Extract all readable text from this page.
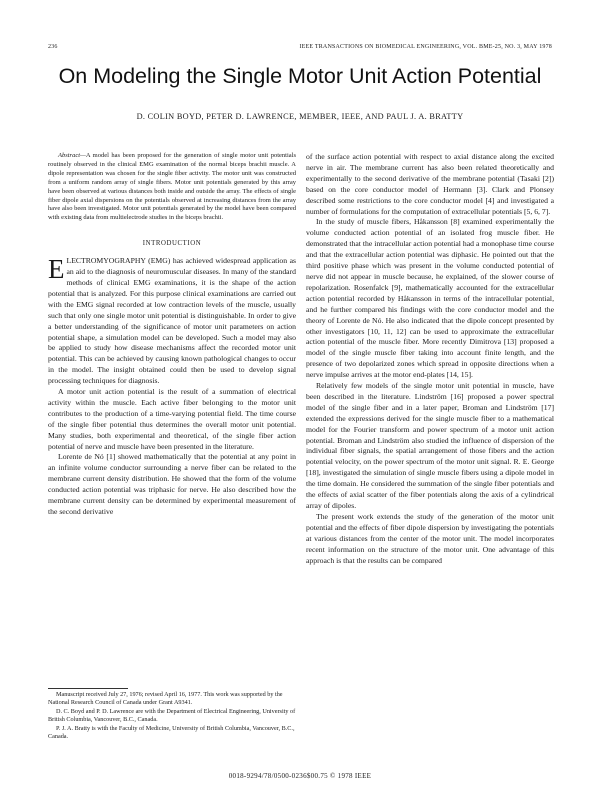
236	IEEE TRANSACTIONS ON BIOMEDICAL ENGINEERING, VOL. BME-25, NO. 3, MAY 1978
On Modeling the Single Motor Unit Action Potential
D. COLIN BOYD, PETER D. LAWRENCE, MEMBER, IEEE, AND PAUL J. A. BRATTY

Abstract—A model has been proposed for the generation of single motor unit potentials routinely observed in the clinical EMG examination of the normal biceps brachii muscle. A dipole representation was chosen for the single fiber activity. The motor unit was constructed from a uniform random array of single fibers. Motor unit potentials generated by this array have been observed at various distances both inside and outside the array. The effects of single fiber dipole axial dispersions on the potentials observed at increasing distances from the array have also been investigated. Motor unit potentials generated by the model have been compared with existing data from multielectrode studies in the biceps brachii.

INTRODUCTION

ELECTROMYOGRAPHY (EMG) has achieved widespread application as an aid to the diagnosis of neuromuscular diseases. In many of the standard methods of clinical EMG examinations, it is the shape of the action potential that is analyzed. For this purpose clinical examinations are carried out with the EMG signal recorded at low contraction levels of the muscle, usually such that only one single motor unit potential is distinguishable. In order to give a better understanding of the significance of motor unit parameters on action potential shape, a simulation model can be developed. Such a model may also be applied to study how disease mechanisms affect the recorded motor unit potential. This can be achieved by causing known pathological changes to occur in the model. The insight obtained could then be used to develop signal processing techniques for diagnosis.

A motor unit action potential is the result of a summation of electrical activity within the muscle. Each active fiber belonging to the motor unit contributes to the production of a time-varying potential field. The time course of the single fiber potential thus determines the overall motor unit potential. Many studies, both experimental and theoretical, of the single fiber action potential of nerve and muscle have been presented in the literature.

Lorente de Nó [1] showed mathematically that the potential at any point in an infinite volume conductor surrounding a nerve fiber can be related to the membrane current density distribution. He showed that the form of the volume conducted action potential was triphasic for nerve. He also described how the membrane current density can be determined by experimental measurement of the second derivative

Manuscript received July 27, 1976; revised April 16, 1977. This work was supported by the National Research Council of Canada under Grant A9341.

D. C. Boyd and P. D. Lawrence are with the Department of Electrical Engineering, University of British Columbia, Vancouver, B.C., Canada.

P. J. A. Bratty is with the Faculty of Medicine, University of British Columbia, Vancouver, B.C., Canada.

of the surface action potential with respect to axial distance along the excited nerve in air. The membrane current has also been related theoretically and experimentally to the second derivative of the membrane potential (Tasaki [2]) based on the core conductor model of Hermann [3]. Clark and Plonsey described some restrictions to the core conductor model [4] and investigated a number of formulations for the computation of extracellular potentials [5, 6, 7].

In the study of muscle fibers, Håkansson [8] examined experimentally the volume conducted action potential of an isolated frog muscle fiber. He demonstrated that the intracellular action potential had a monophase time course and that the extracellular action potential was diphasic. He pointed out that the third positive phase which was present in the volume conducted potential of nerve did not appear in muscle because, he explained, of the slower course of repolarization. Rosenfalck [9], mathematically accounted for the extracellular action potential recorded by Håkansson in terms of the intracellular potential, and he further compared his findings with the core conductor model and the theory of Lorente de Nó. He also indicated that the dipole concept presented by other investigators [10, 11, 12] can be used to approximate the extracellular action potential of the muscle fiber. More recently Dimitrova [13] proposed a model of the single muscle fiber taking into account finite length, and the presence of two depolarized zones which spread in opposite directions when a nerve impulse arrives at the motor end-plates [14, 15].

Relatively few models of the single motor unit potential in muscle, have been described in the literature. Lindström [16] proposed a power spectral model of the single fiber and in a later paper, Broman and Lindström [17] extended the expressions derived for the single muscle fiber to a mathematical model for the Fourier transform and power spectrum of a motor unit action potential. Broman and Lindström also studied the influence of dispersion of the individual fiber signals, the spatial arrangement of those fibers and the action potential velocity, on the power spectrum of the motor unit signal. R. E. George [18], investigated the simulation of single muscle fibers using a dipole model in the time domain. He considered the summation of the single fiber potentials and the effects of axial scatter of the fiber potentials along the axis of a cylindrical array of dipoles.

The present work extends the study of the generation of the motor unit potential and the effects of fiber dipole dispersion by investigating the potentials at various distances from the center of the motor unit. The model incorporates recent information on the structure of the motor unit. One advantage of this approach is that the results can be compared

0018-9294/78/0500-0236$00.75 © 1978 IEEE
